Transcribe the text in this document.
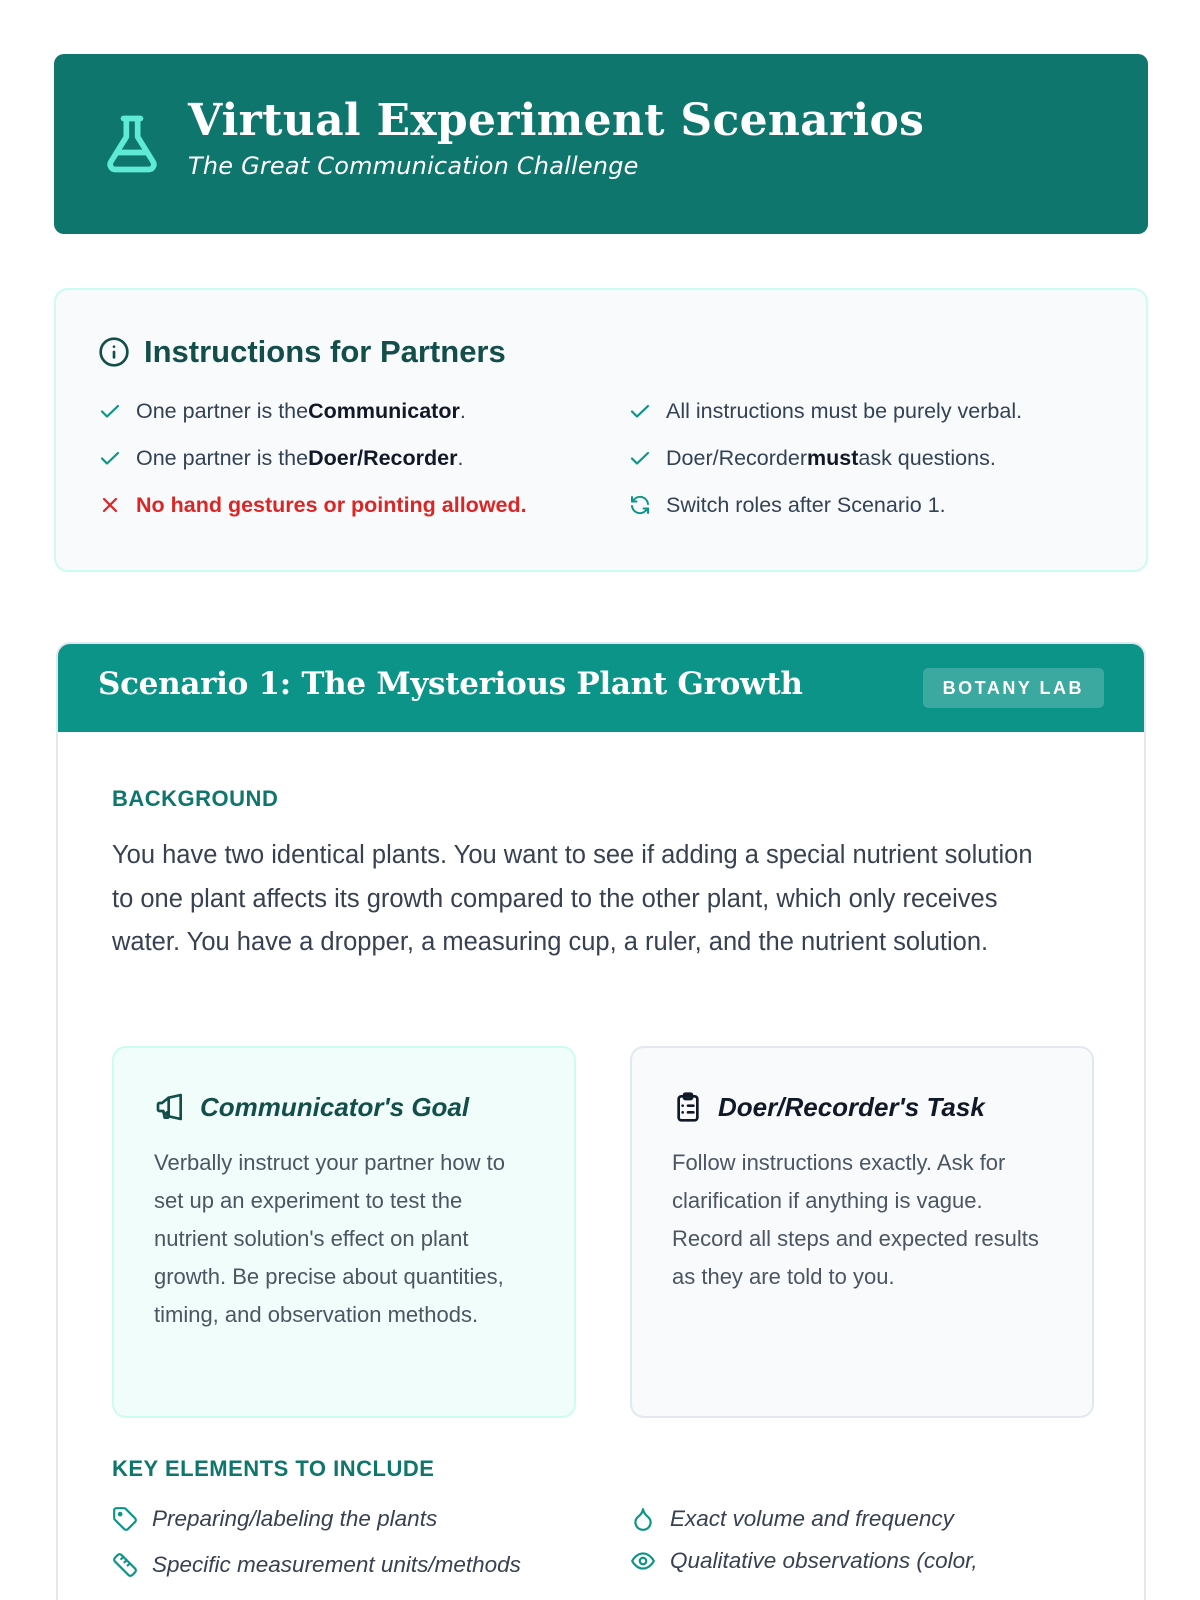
Virtual Experiment Scenarios
The Great Communication Challenge
Instructions for Partners
One partner is theCommunicator.
One partner is theDoer/Recorder.
No hand gestures or pointing allowed.
All instructions must be purely verbal.
Doer/Recordermustask questions.
Switch roles after Scenario 1.
Scenario 1: The Mysterious Plant Growth	BOTANY LAB
BACKGROUND
You have two identical plants. You want to see if adding a special nutrient solution to one plant affects its growth compared to the other plant, which only receives water. You have a dropper, a measuring cup, a ruler, and the nutrient solution.
Communicator's Goal
Verbally instruct your partner how to set up an experiment to test the nutrient solution's effect on plant growth. Be precise about quantities, timing, and observation methods.
Doer/Recorder's Task
Follow instructions exactly. Ask for clarification if anything is vague. Record all steps and expected results as they are told to you.
KEY ELEMENTS TO INCLUDE
Preparing/labeling the plants	Exact volume and frequency
Specific measurement units/methods	Qualitative observations (color,
